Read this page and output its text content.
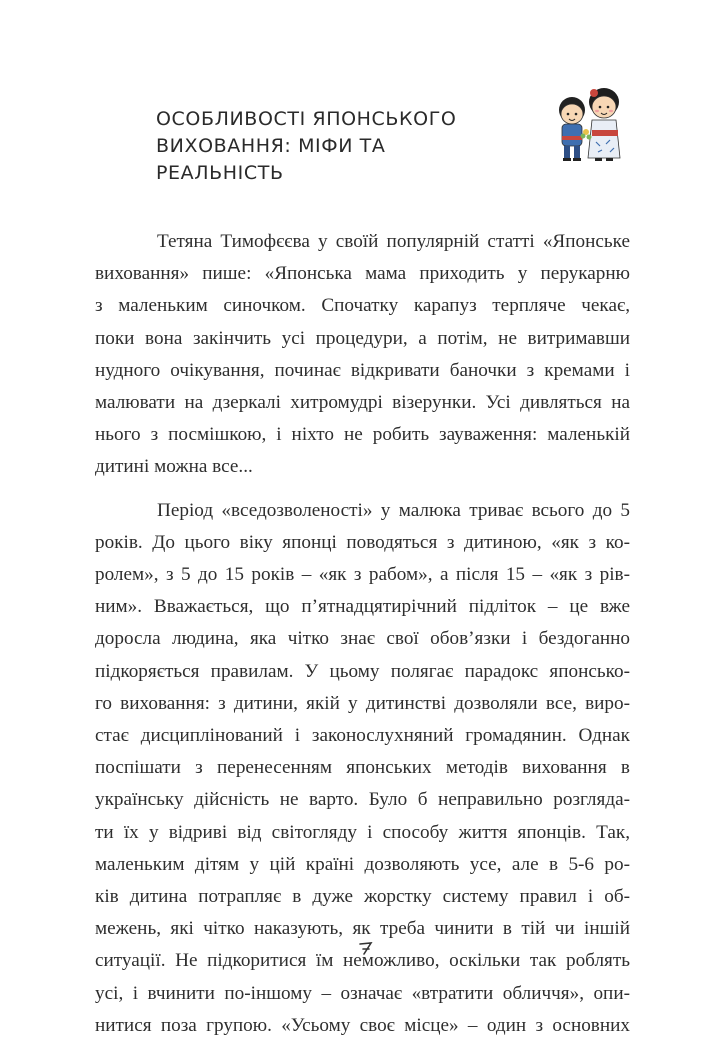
ОСОБЛИВОСТІ ЯПОНСЬКОГО
ВИХОВАННЯ: МІФИ ТА
РЕАЛЬНІСТЬ

Тетяна Тимофєєва у своїй популярній статті «Японське
виховання» пише: «Японська мама приходить у перукарню
з маленьким синочком. Спочатку карапуз терпляче чекає,
поки вона закінчить усі процедури, а потім, не витримавши
нудного очікування, починає відкривати баночки з кремами і
малювати на дзеркалі хитромудрі візерунки. Усі дивляться на
нього з посмішкою, і ніхто не робить зауваження: маленькій
дитині можна все...

Період «вседозволеності» у малюка триває всього до 5
років. До цього віку японці поводяться з дитиною, «як з ко-
ролем», з 5 до 15 років – «як з рабом», а після 15 – «як з рів-
ним». Вважається, що п’ятнадцятирічний підліток – це вже
доросла людина, яка чітко знає свої обов’язки і бездоганно
підкоряється правилам. У цьому полягає парадокс японсько-
го виховання: з дитини, якій у дитинстві дозволяли все, виро-
стає дисциплінований і законослухняний громадянин. Однак
поспішати з перенесенням японських методів виховання в
українську дійсність не варто. Було б неправильно розгляда-
ти їх у відриві від світогляду і способу життя японців. Так,
маленьким дітям у цій країні дозволяють усе, але в 5-6 ро-
ків дитина потрапляє в дуже жорстку систему правил і об-
межень, які чітко наказують, як треба чинити в тій чи іншій
ситуації. Не підкоритися їм неможливо, оскільки так роблять
усі, і вчинити по-іншому – означає «втратити обличчя», опи-
нитися поза групою. «Усьому своє місце» – один з основних
